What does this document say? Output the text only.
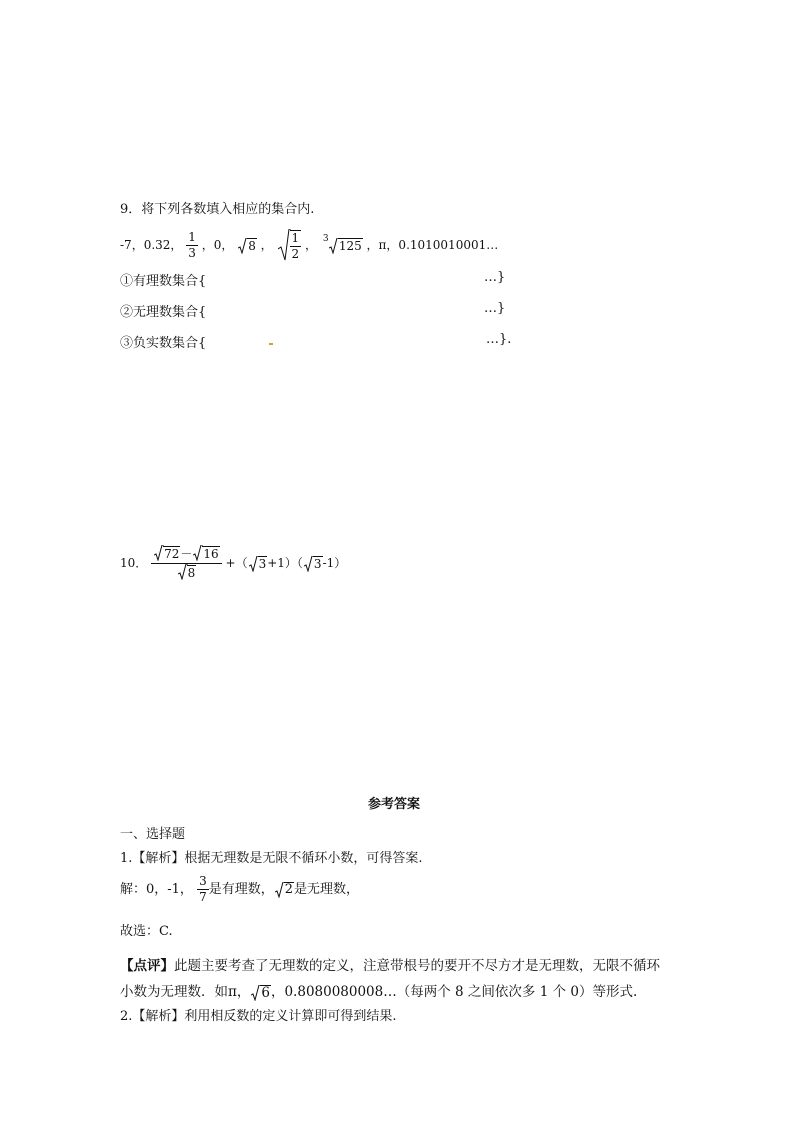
9．将下列各数填入相应的集合内.
-7，0.32， $\frac{1}{3}$ ，0， 8 ， $\frac{1}{2}$ ， 3 125 ，π，0.1010010001…
①有理数集合{	…}
②无理数集合{	…}
③负实数集合{	…}.
10． $\frac{72- 16}{8}$ +（ 3+1）（ 3-1）
参考答案
一、选择题
1.【解析】根据无理数是无限不循环小数，可得答案.
解：0，-1， $\frac{3}{7}$ 是有理数， 2是无理数，
故选：C.
【点评】此题主要考查了无理数的定义，注意带根号的要开不尽方才是无理数，无限不循环
小数为无理数．如π， 6，0.8080080008…（每两个 8 之间依次多 1 个 0）等形式.
2.【解析】利用相反数的定义计算即可得到结果.
